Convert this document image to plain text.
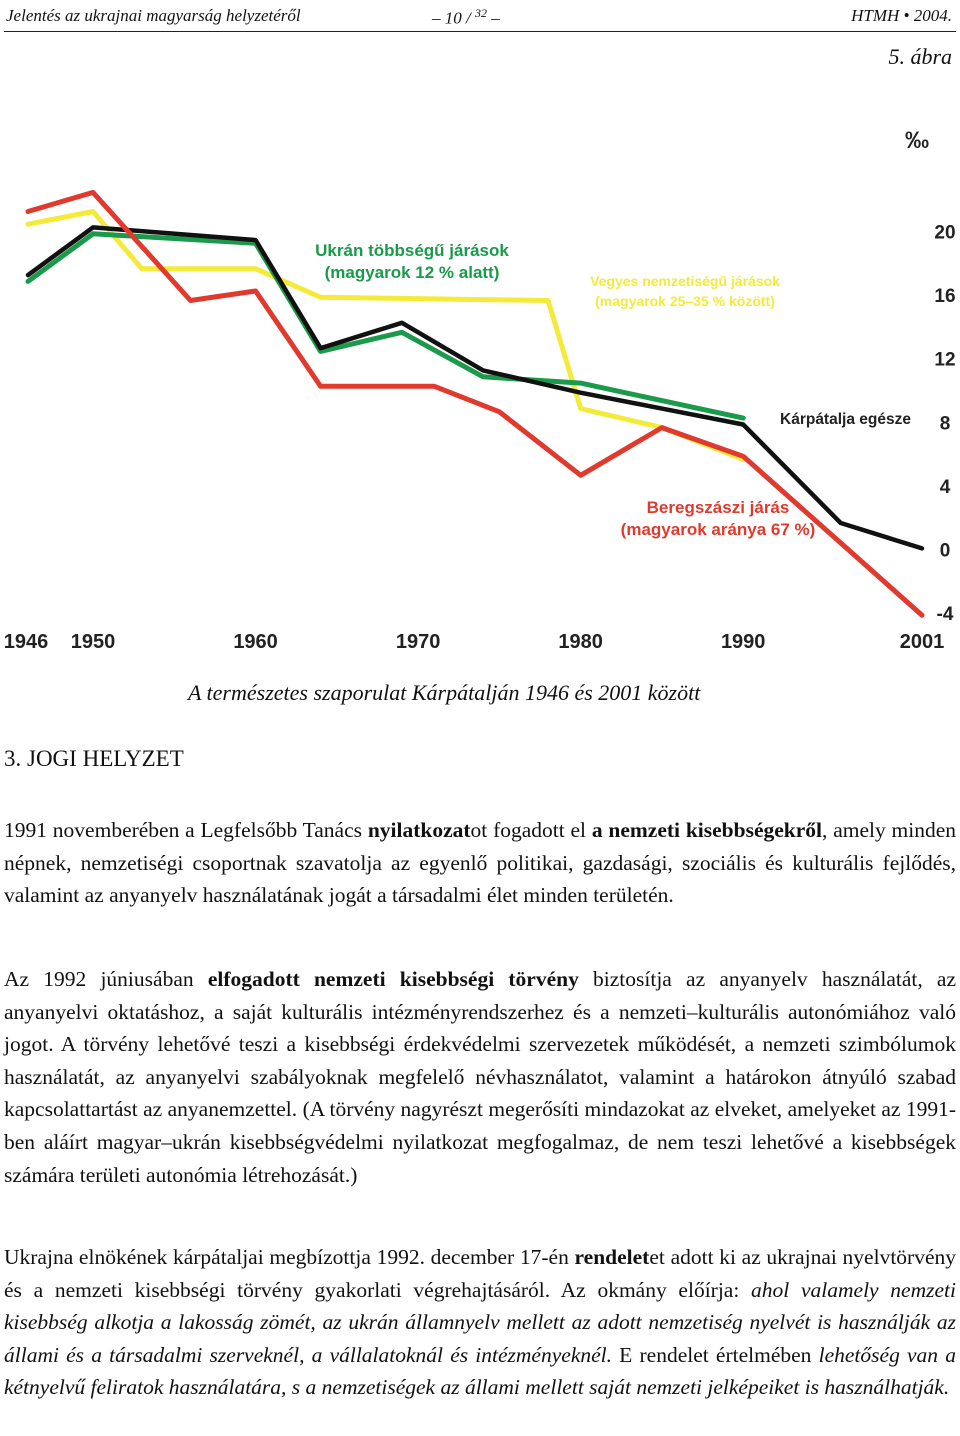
Jelentés az ukrajnai magyarság helyzetéről	– 10 / $^{32}$ –	HTMH • 2004.
5. ábra
20
16
12
8
4
0
-4
1946 1950	1960	1970	1980	1990	2001
Beregszászi járás
(magyarok aránya 67 %)
Kárpátalja egésze
Ukrán többségű járások
(magyarok 12 % alatt)	Vegyes nemzetiségű járások
(magyarok 25–35 % között)
‰
A természetes szaporulat Kárpátalján 1946 és 2001 között
3. JOGI HELYZET

1991 novemberében a Legfelsőbb Tanács nyilatkozatot fogadott el a nemzeti kisebbségekről, amely minden népnek, nemzetiségi csoportnak szavatolja az egyenlő politikai, gazdasági, szociális és kulturális fejlődés, valamint az anyanyelv használatának jogát a társadalmi élet minden területén.

Az 1992 júniusában elfogadott nemzeti kisebbségi törvény biztosítja az anyanyelv használatát, az anyanyelvi oktatáshoz, a saját kulturális intézményrendszerhez és a nemzeti–kulturális autonómiához való jogot. A törvény lehetővé teszi a kisebbségi érdekvédelmi szervezetek működését, a nemzeti szimbólumok használatát, az anyanyelvi szabályoknak megfelelő névhasználatot, valamint a határokon átnyúló szabad kapcsolattartást az anyanemzettel. (A törvény nagyrészt megerősíti mindazokat az elveket, amelyeket az 1991-ben aláírt magyar–ukrán kisebbségvédelmi nyilatkozat megfogalmaz, de nem teszi lehetővé a kisebbségek számára területi autonómia létrehozását.)

Ukrajna elnökének kárpátaljai megbízottja 1992. december 17-én rendeletet adott ki az ukrajnai nyelvtörvény és a nemzeti kisebbségi törvény gyakorlati végrehajtásáról. Az okmány előírja: ahol valamely nemzeti kisebbség alkotja a lakosság zömét, az ukrán államnyelv mellett az adott nemzetiség nyelvét is használják az állami és a társadalmi szerveknél, a vállalatoknál és intézményeknél. E rendelet értelmében lehetőség van a kétnyelvű feliratok használatára, s a nemzetiségek az állami mellett saját nemzeti jelképeiket is használhatják.
